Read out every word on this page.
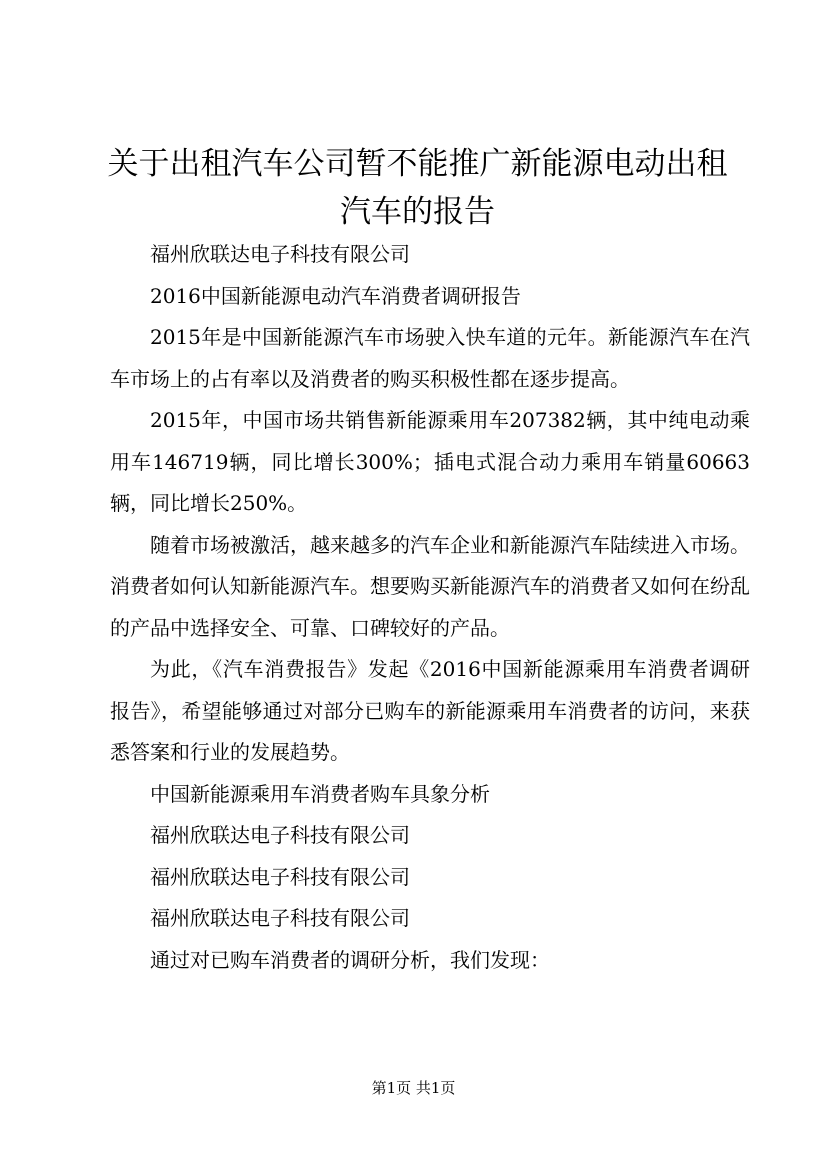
关于出租汽车公司暂不能推广新能源电动出租
汽车的报告

福州欣联达电子科技有限公司

2016中国新能源电动汽车消费者调研报告

2015年是中国新能源汽车市场驶入快车道的元年。新能源汽车在汽车市场上的占有率以及消费者的购买积极性都在逐步提高。

2015年，中国市场共销售新能源乘用车207382辆，其中纯电动乘用车146719辆，同比增长300%；插电式混合动力乘用车销量60663辆，同比增长250%。

随着市场被激活，越来越多的汽车企业和新能源汽车陆续进入市场。消费者如何认知新能源汽车。想要购买新能源汽车的消费者又如何在纷乱的产品中选择安全、可靠、口碑较好的产品。

为此，《汽车消费报告》发起《2016中国新能源乘用车消费者调研报告》，希望能够通过对部分已购车的新能源乘用车消费者的访问，来获悉答案和行业的发展趋势。

中国新能源乘用车消费者购车具象分析

福州欣联达电子科技有限公司

福州欣联达电子科技有限公司

福州欣联达电子科技有限公司

通过对已购车消费者的调研分析，我们发现：

第1页 共1页
